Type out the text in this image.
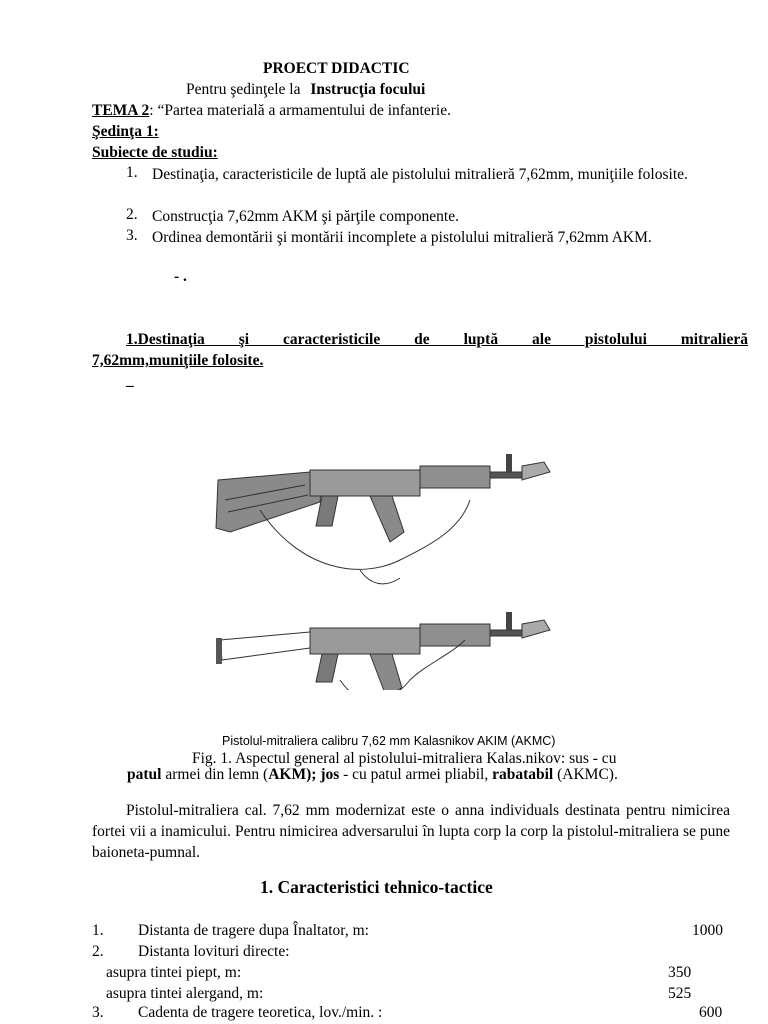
PROECT DIDACTIC
Pentru şedinţele la Instrucţia focului
TEMA 2: “Partea materială a armamentului de infanterie.
Şedinţa 1:
Subiecte de studiu:
1. Destinaţia, caracteristicile de luptă ale pistolului mitralieră 7,62mm, muniţiile folosite.
2. Construcţia 7,62mm AKM şi părţile componente.
3. Ordinea demontării şi montării incomplete a pistolului mitralieră 7,62mm AKM.
- .
1.Destinaţia şi caracteristicile de luptă ale pistolului mitralieră
7,62mm,muniţiile folosite.
_
Pistolul-mitraliera calibru 7,62 mm Kalasnikov AKIM (AKMC)
Fig. 1. Aspectul general al pistolului-mitraliera Kalas.nikov: sus - cu
patul armei din lemn (AKM); jos - cu patul armei pliabil, rabatabil (AKMC).
Pistolul-mitraliera cal. 7,62 mm modernizat este o anna individuals destinata pentru nimicirea fortei vii a inamicului. Pentru nimicirea adversarului în lupta corp la corp la pistolul-mitraliera se pune baioneta-pumnal.
1. Caracteristici tehnico-tactice
1. Distanta de tragere dupa Înaltator, m:	1000
2. Distanta lovituri directe:
asupra tintei piept, m:	350
asupra tintei alergand, m:	525
3. Cadenta de tragere teoretica, lov./min. :	600
